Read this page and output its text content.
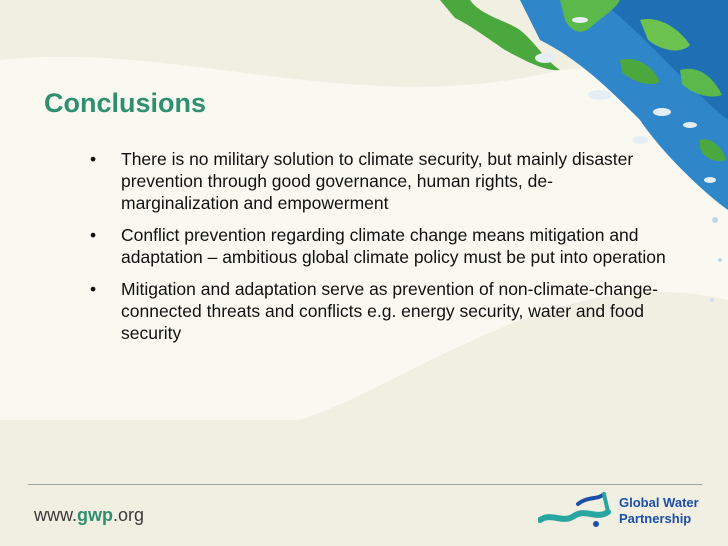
Conclusions
• There is no military solution to climate security, but mainly disaster prevention through good governance, human rights, de-marginalization and empowerment
• Conflict prevention regarding climate change means mitigation and adaptation – ambitious global climate policy must be put into operation
• Mitigation and adaptation serve as prevention of non-climate-change-connected threats and conflicts e.g. energy security, water and food security
www.gwp.org
Global Water
Partnership
